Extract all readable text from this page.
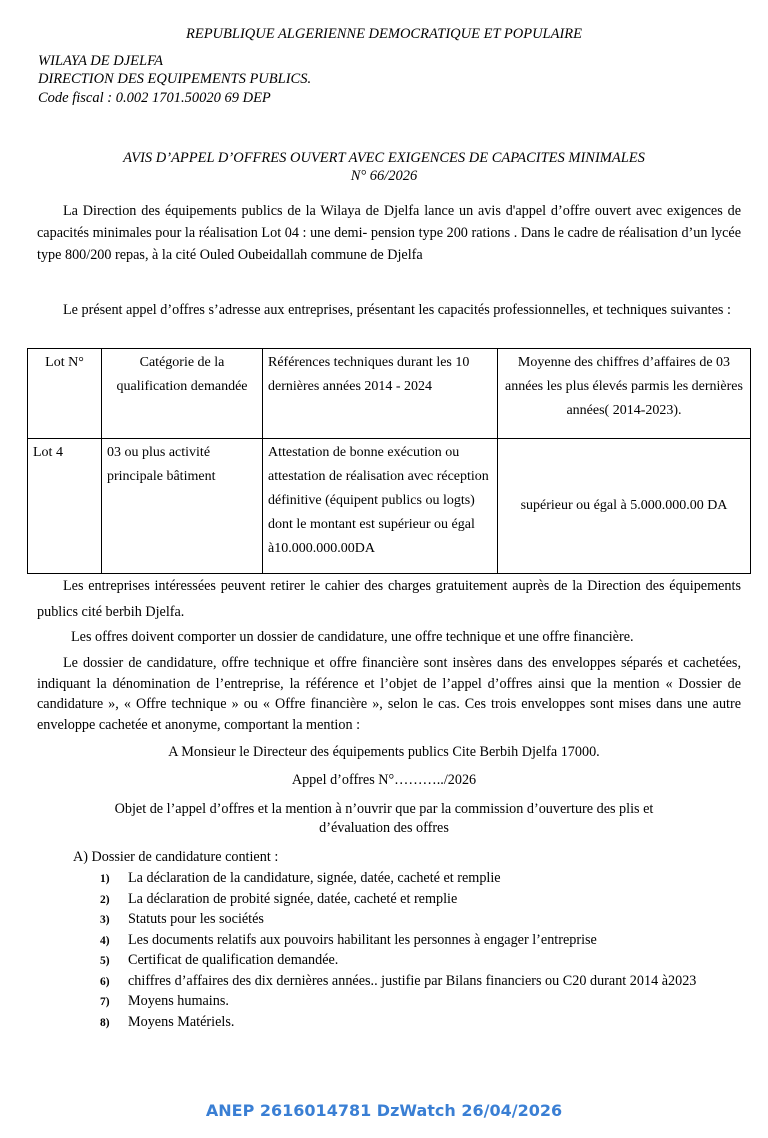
REPUBLIQUE ALGERIENNE DEMOCRATIQUE ET POPULAIRE
WILAYA DE DJELFA
DIRECTION DES EQUIPEMENTS PUBLICS.
Code fiscal : 0.002 1701.50020 69 DEP
AVIS D’APPEL D’OFFRES OUVERT AVEC EXIGENCES DE CAPACITES MINIMALES
N° 66/2026
La Direction des équipements publics de la Wilaya de Djelfa lance un avis d'appel d’offre ouvert avec exigences de capacités minimales pour la réalisation Lot 04 : une demi- pension type 200 rations . Dans le cadre de réalisation d’un lycée type 800/200 repas, à la cité Ouled Oubeidallah commune de Djelfa
Le présent appel d’offres s’adresse aux entreprises, présentant les capacités professionnelles, et techniques suivantes :
Lot N°	Catégorie de la qualification demandée	Références techniques durant les 10 dernières années 2014 - 2024	Moyenne des chiffres d’affaires de 03 années les plus élevés parmis les dernières années( 2014-2023).
Lot 4	03 ou plus activité principale bâtiment	Attestation de bonne exécution ou attestation de réalisation avec réception définitive (équipent publics ou logts) dont le montant est supérieur ou égal à10.000.000.00DA	supérieur ou égal à 5.000.000.00 DA
Les entreprises intéressées peuvent retirer le cahier des charges gratuitement auprès de la Direction des équipements publics cité berbih Djelfa.
Les offres doivent comporter un dossier de candidature, une offre technique et une offre financière.
Le dossier de candidature, offre technique et offre financière sont insères dans des enveloppes séparés et cachetées, indiquant la dénomination de l’entreprise, la référence et l’objet de l’appel d’offres ainsi que la mention « Dossier de candidature », « Offre technique » ou « Offre financière », selon le cas. Ces trois enveloppes sont mises dans une autre enveloppe cachetée et anonyme, comportant la mention :
A Monsieur le Directeur des équipements publics Cite Berbih Djelfa 17000.
Appel d’offres N°………../2026
Objet de l’appel d’offres et la mention à n’ouvrir que par la commission d’ouverture des plis et
d’évaluation des offres
A) Dossier de candidature contient :
1) La déclaration de la candidature, signée, datée, cacheté et remplie
2) La déclaration de probité signée, datée, cacheté et remplie
3) Statuts pour les sociétés
4) Les documents relatifs aux pouvoirs habilitant les personnes à engager l’entreprise
5) Certificat de qualification demandée.
6) chiffres d’affaires des dix dernières années.. justifie par Bilans financiers ou C20 durant 2014 à2023
7) Moyens humains.
8) Moyens Matériels.
ANEP 2616014781 DzWatch 26/04/2026
